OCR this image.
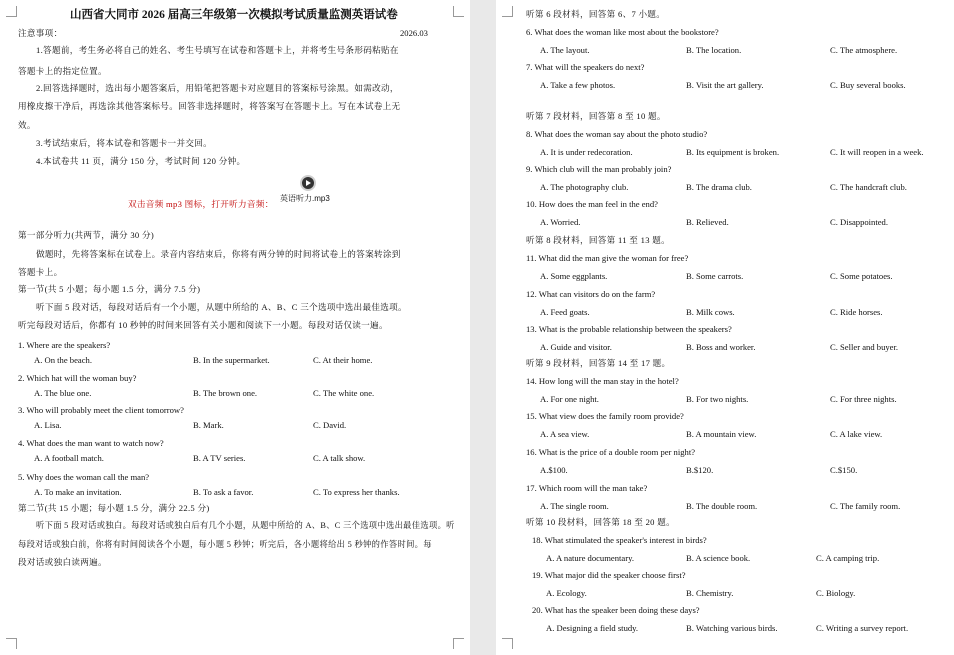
山西省大同市 2026 届高三年级第一次模拟考试质量监测英语试卷
注意事项：	2026.03
1.答题前，考生务必将自己的姓名、考生号填写在试卷和答题卡上，并将考生号条形码粘贴在
答题卡上的指定位置。
2.回答选择题时，选出每小题答案后，用铅笔把答题卡对应题目的答案标号涂黑。如需改动，
用橡皮擦干净后，再选涂其他答案标号。回答非选择题时，将答案写在答题卡上。写在本试卷上无
效。
3.考试结束后，将本试卷和答题卡一并交回。
4.本试卷共 11 页，满分 150 分，考试时间 120 分钟。
双击音频 mp3 图标，打开听力音频：
英语听力.mp3
第一部分听力(共两节，满分 30 分)
做题时，先将答案标在试卷上。录音内容结束后，你将有两分钟的时间将试卷上的答案转涂到
答题卡上。
第一节(共 5 小题；每小题 1.5 分，满分 7.5 分)
听下面 5 段对话，每段对话后有一个小题，从题中所给的 A、B、C 三个选项中选出最佳选项。
听完每段对话后，你都有 10 秒钟的时间来回答有关小题和阅读下一小题。每段对话仅读一遍。
1. Where are the speakers?
A. On the beach.	B. In the supermarket.	C. At their home.
2. Which hat will the woman buy?
A. The blue one.	B. The brown one.	C. The white one.
3. Who will probably meet the client tomorrow?
A. Lisa.	B. Mark.	C. David.
4. What does the man want to watch now?
A. A football match.	B. A TV series.	C. A talk show.
5. Why does the woman call the man?
A. To make an invitation.	B. To ask a favor.	C. To express her thanks.
第二节(共 15 小题；每小题 1.5 分，满分 22.5 分)
听下面 5 段对话或独白。每段对话或独白后有几个小题，从题中所给的 A、B、C 三个选项中选出最佳选项。听
每段对话或独白前，你将有时间阅读各个小题，每小题 5 秒钟；听完后，各小题将给出 5 秒钟的作答时间。每
段对话或独白读两遍。
听第 6 段材料，回答第 6、7 小题。
6. What does the woman like most about the bookstore?
A. The layout.	B. The location.	C. The atmosphere.
7. What will the speakers do next?
A. Take a few photos.	B. Visit the art gallery.	C. Buy several books.
听第 7 段材料，回答第 8 至 10 题。
8. What does the woman say about the photo studio?
A. It is under redecoration.	B. Its equipment is broken.	C. It will reopen in a week.
9. Which club will the man probably join?
A. The photography club.	B. The drama club.	C. The handcraft club.
10. How does the man feel in the end?
A. Worried.	B. Relieved.	C. Disappointed.
听第 8 段材料，回答第 11 至 13 题。
11. What did the man give the woman for free?
A. Some eggplants.	B. Some carrots.	C. Some potatoes.
12. What can visitors do on the farm?
A. Feed goats.	B. Milk cows.	C. Ride horses.
13. What is the probable relationship between the speakers?
A. Guide and visitor.	B. Boss and worker.	C. Seller and buyer.
听第 9 段材料，回答第 14 至 17 题。
14. How long will the man stay in the hotel?
A. For one night.	B. For two nights.	C. For three nights.
15. What view does the family room provide?
A. A sea view.	B. A mountain view.	C. A lake view.
16. What is the price of a double room per night?
A.$100.	B.$120.	C.$150.
17. Which room will the man take?
A. The single room.	B. The double room.	C. The family room.
听第 10 段材料，回答第 18 至 20 题。
18. What stimulated the speaker's interest in birds?
A. A nature documentary.	B. A science book.	C. A camping trip.
19. What major did the speaker choose first?
A. Ecology.	B. Chemistry.	C. Biology.
20. What has the speaker been doing these days?
A. Designing a field study.	B. Watching various birds.	C. Writing a survey report.
